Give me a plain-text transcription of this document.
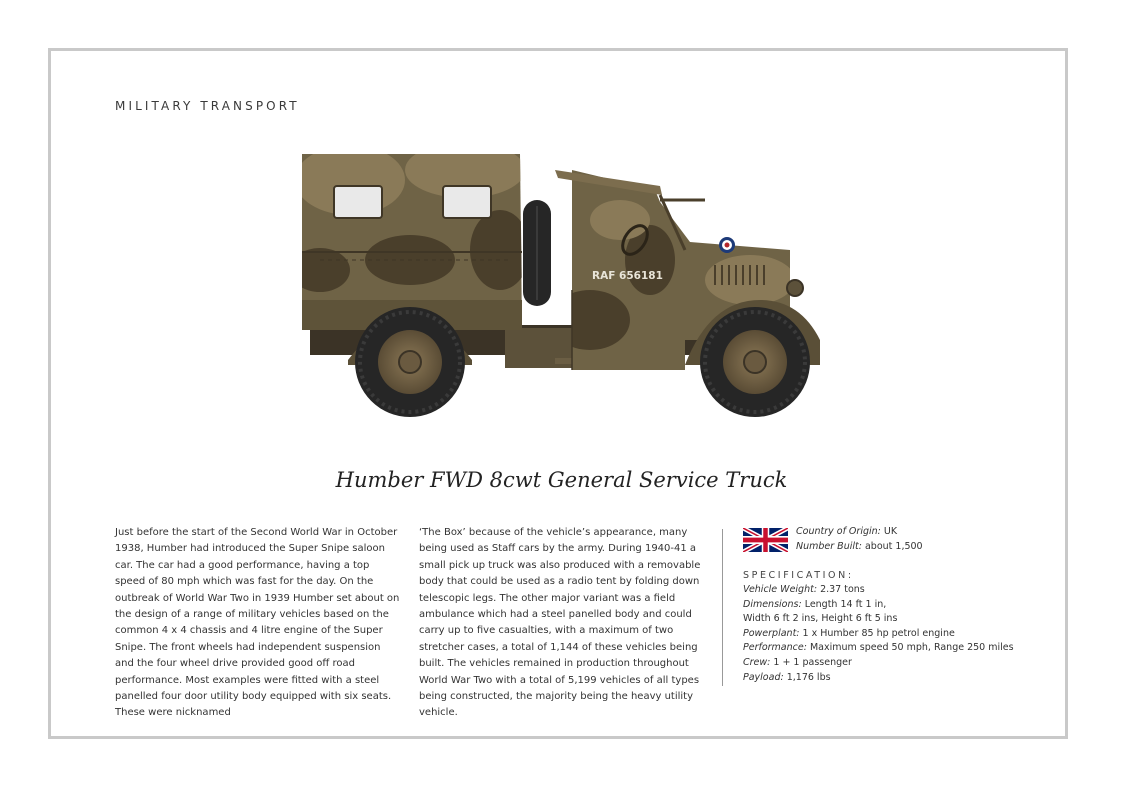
MILITARY TRANSPORT
RAF 656181
Humber FWD 8cwt General Service Truck

Just before the start of the Second World War in October 1938, Humber had introduced the Super Snipe saloon car. The car had a good performance, having a top speed of 80 mph which was fast for the day. On the outbreak of World War Two in 1939 Humber set about on the design of a range of military vehicles based on the common 4 x 4 chassis and 4 litre engine of the Super Snipe. The front wheels had independent suspension and the four wheel drive provided good off road performance. Most examples were fitted with a steel panelled four door utility body equipped with six seats. These were nicknamed

‘The Box’ because of the vehicle’s appearance, many being used as Staff cars by the army. During 1940-41 a small pick up truck was also produced with a removable body that could be used as a radio tent by folding down telescopic legs. The other major variant was a field ambulance which had a steel panelled body and could carry up to five casualties, with a maximum of two stretcher cases, a total of 1,144 of these vehicles being built. The vehicles remained in production throughout World War Two with a total of 5,199 vehicles of all types being constructed, the majority being the heavy utility vehicle.

Country of Origin: UK
Number Built: about 1,500
SPECIFICATION:
Vehicle Weight: 2.37 tons
Dimensions: Length 14 ft 1 in,
Width 6 ft 2 ins, Height 6 ft 5 ins
Powerplant: 1 x Humber 85 hp petrol engine
Performance: Maximum speed 50 mph, Range 250 miles
Crew: 1 + 1 passenger
Payload: 1,176 lbs
